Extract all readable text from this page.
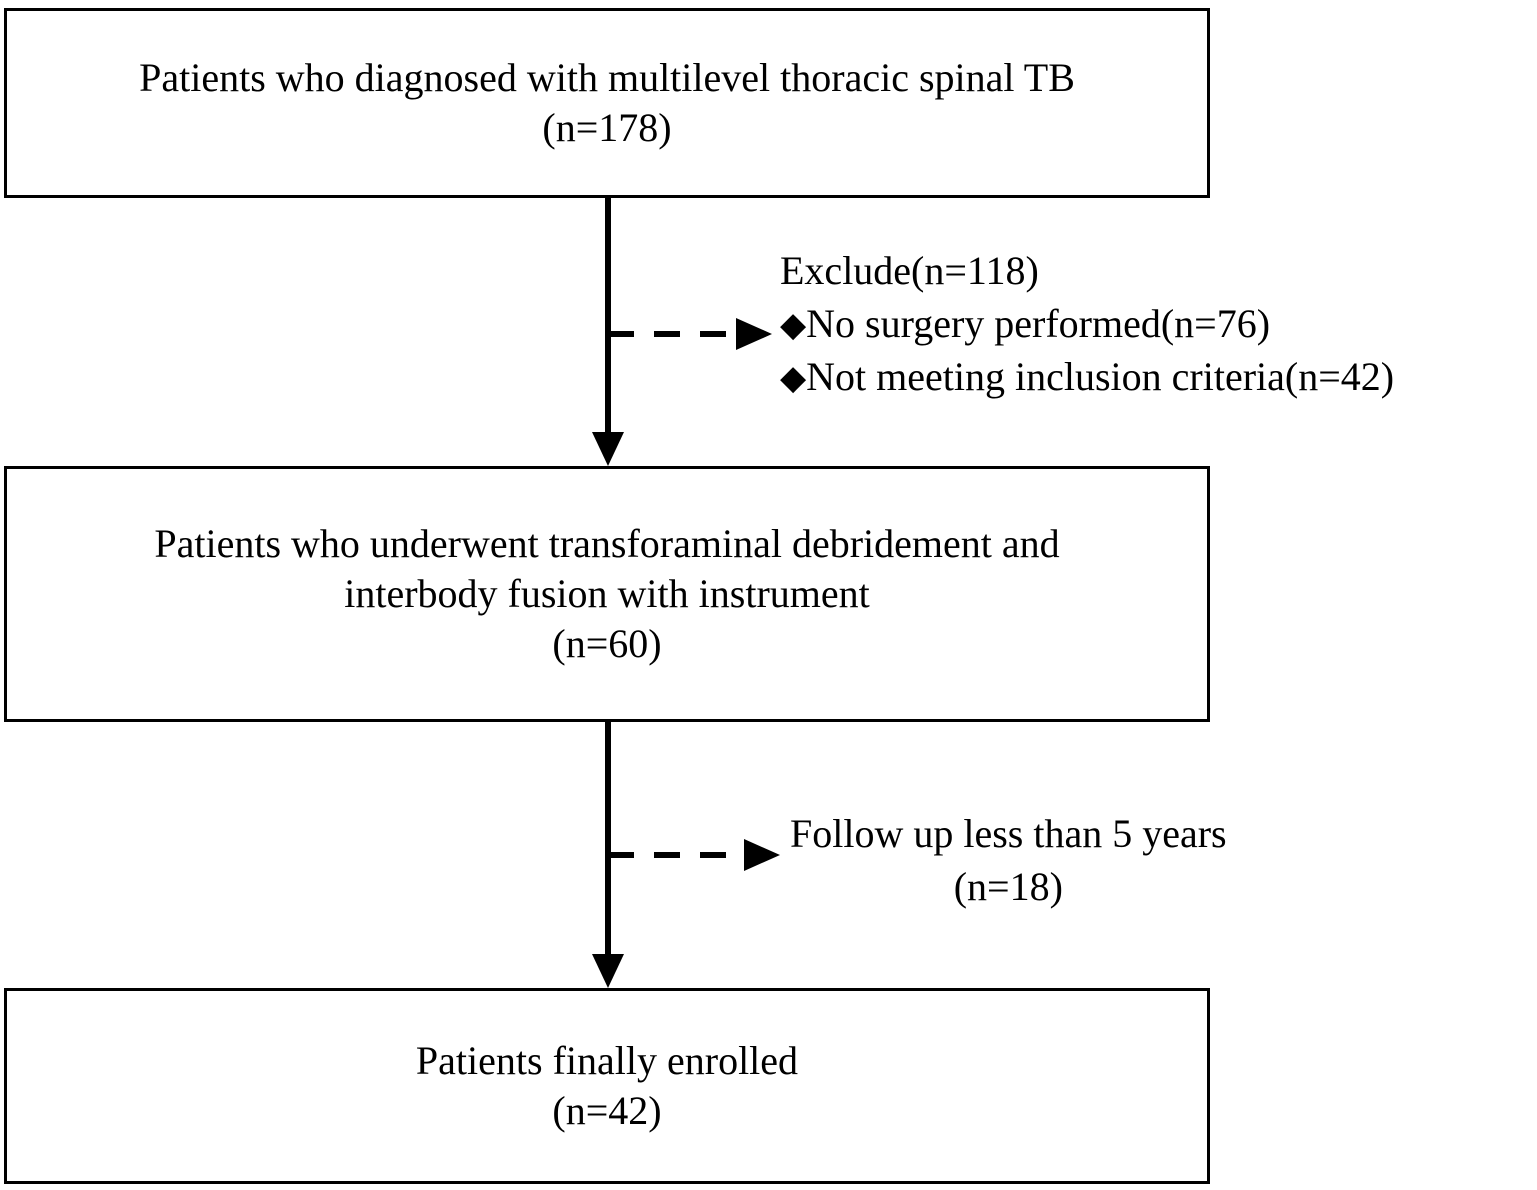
Patients who diagnosed with multilevel thoracic spinal TB
(n=178)
Patients who underwent transforaminal debridement and
interbody fusion with instrument
(n=60)
Patients finally enrolled
(n=42)
Exclude(n=118)
◆No surgery performed(n=76)
◆Not meeting inclusion criteria(n=42)
Follow up less than 5 years
(n=18)
